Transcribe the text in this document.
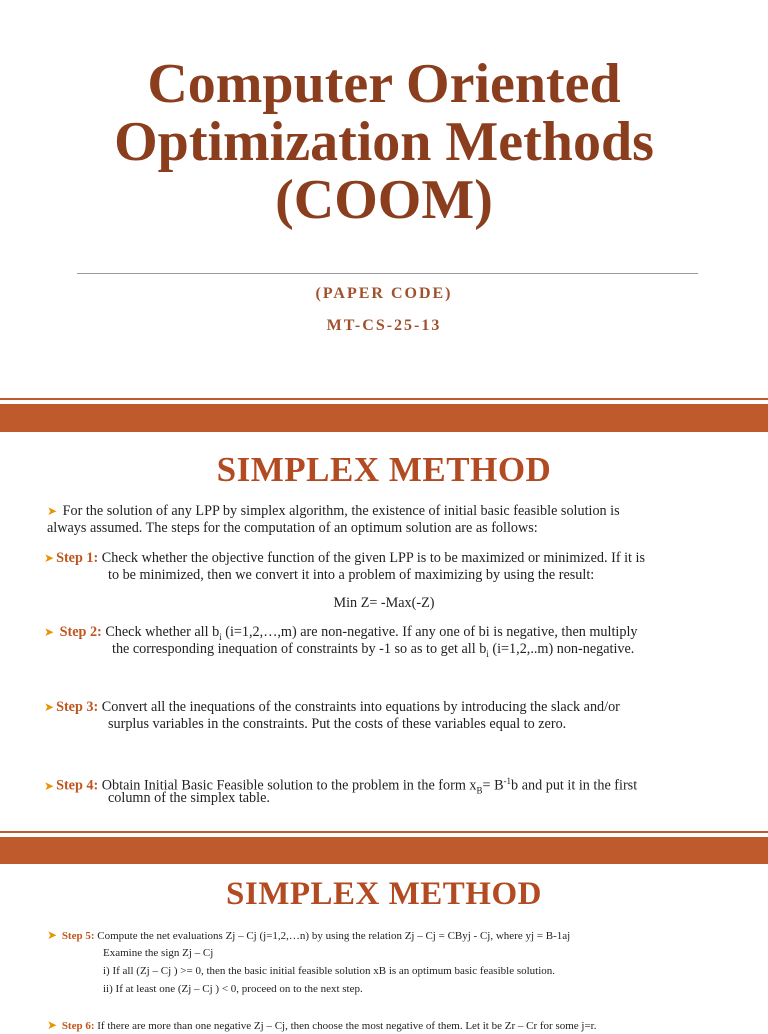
Computer Oriented
Optimization Methods
(COOM)
(PAPER CODE)
MT-CS-25-13
SIMPLEX METHOD
➤ For the solution of any LPP by simplex algorithm, the existence of initial basic feasible solution is
always assumed. The steps for the computation of an optimum solution are as follows:
➤ Step 1: Check whether the objective function of the given LPP is to be maximized or minimized. If it is
to be minimized, then we convert it into a problem of maximizing by using the result:
Min Z= -Max(-Z)
➤ Step 2: Check whether all $b_i$ (i=1,2,…,m) are non-negative. If any one of bi is negative, then multiply
the corresponding inequation of constraints by -1 so as to get all $b_i$ (i=1,2,..m) non-negative.
➤ Step 3: Convert all the inequations of the constraints into equations by introducing the slack and/or
surplus variables in the constraints. Put the costs of these variables equal to zero.
➤ Step 4: Obtain Initial Basic Feasible solution to the problem in the form $x_B= B^{-1}b$ and put it in the first
column of the simplex table.
SIMPLEX METHOD
➤ Step 5: Compute the net evaluations Zj – Cj (j=1,2,…n) by using the relation Zj – Cj = CByj - Cj, where yj = B-1aj
Examine the sign Zj – Cj
i) If all (Zj – Cj ) >= 0, then the basic initial feasible solution xB is an optimum basic feasible solution.
ii) If at least one (Zj – Cj ) < 0, proceed on to the next step.
➤ Step 6: If there are more than one negative Zj – Cj, then choose the most negative of them. Let it be Zr – Cr for some j=r.
